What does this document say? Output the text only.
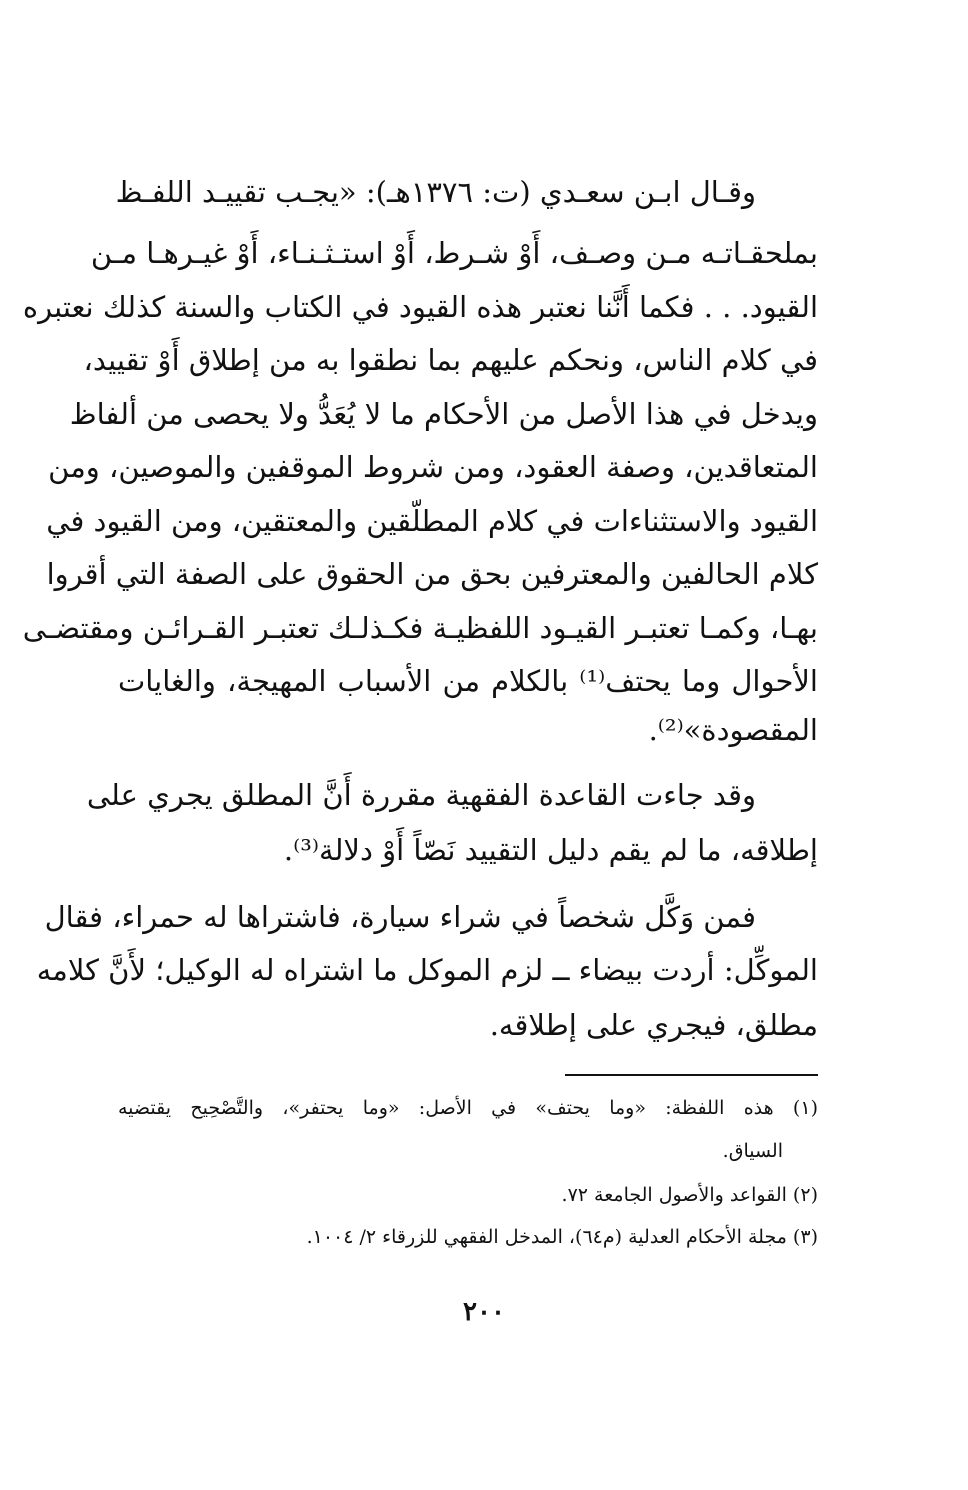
وقـال ابـن سعـدي (ت: ١٣٧٦هـ): «يجـب تقييـد اللفـظ
بملحقـاتـه مـن وصـف، أَوْ شـرط، أَوْ استـثـنـاء، أَوْ غيـرهـا مـن
القيود. . . فكما أَنَّنا نعتبر هذه القيود في الكتاب والسنة كذلك نعتبره
في كلام الناس، ونحكم عليهم بما نطقوا به من إطلاق أَوْ تقييد،
ويدخل في هذا الأصل من الأحكام ما لا يُعَدُّ ولا يحصى من ألفاظ
المتعاقدين، وصفة العقود، ومن شروط الموقفين والموصين، ومن
القيود والاستثناءات في كلام المطلّقين والمعتقين، ومن القيود في
كلام الحالفين والمعترفين بحق من الحقوق على الصفة التي أقروا
بهـا، وكمـا تعتبـر القيـود اللفظيـة فكـذلـك تعتبـر القـرائـن ومقتضـى
الأحوال وما يحتف⁽¹⁾ بالكلام من الأسباب المهيجة، والغايات
المقصودة»⁽²⁾.
وقد جاءت القاعدة الفقهية مقررة أَنَّ المطلق يجري على
إطلاقه، ما لم يقم دليل التقييد نَصّاً أَوْ دلالة⁽³⁾.
فمن وَكَّل شخصاً في شراء سيارة، فاشتراها له حمراء، فقال
الموكِّل: أردت بيضاء ــ لزم الموكل ما اشتراه له الوكيل؛ لأَنَّ كلامه
مطلق، فيجري على إطلاقه.
(١) هذه اللفظة: «وما يحتف» في الأصل: «وما يحتفر»، والتَّصْحِيح يقتضيه
السياق.
(٢) القواعد والأصول الجامعة ٧٢.
(٣) مجلة الأحكام العدلية (م٦٤)، المدخل الفقهي للزرقاء ٢/ ١٠٠٤.
٢٠٠
